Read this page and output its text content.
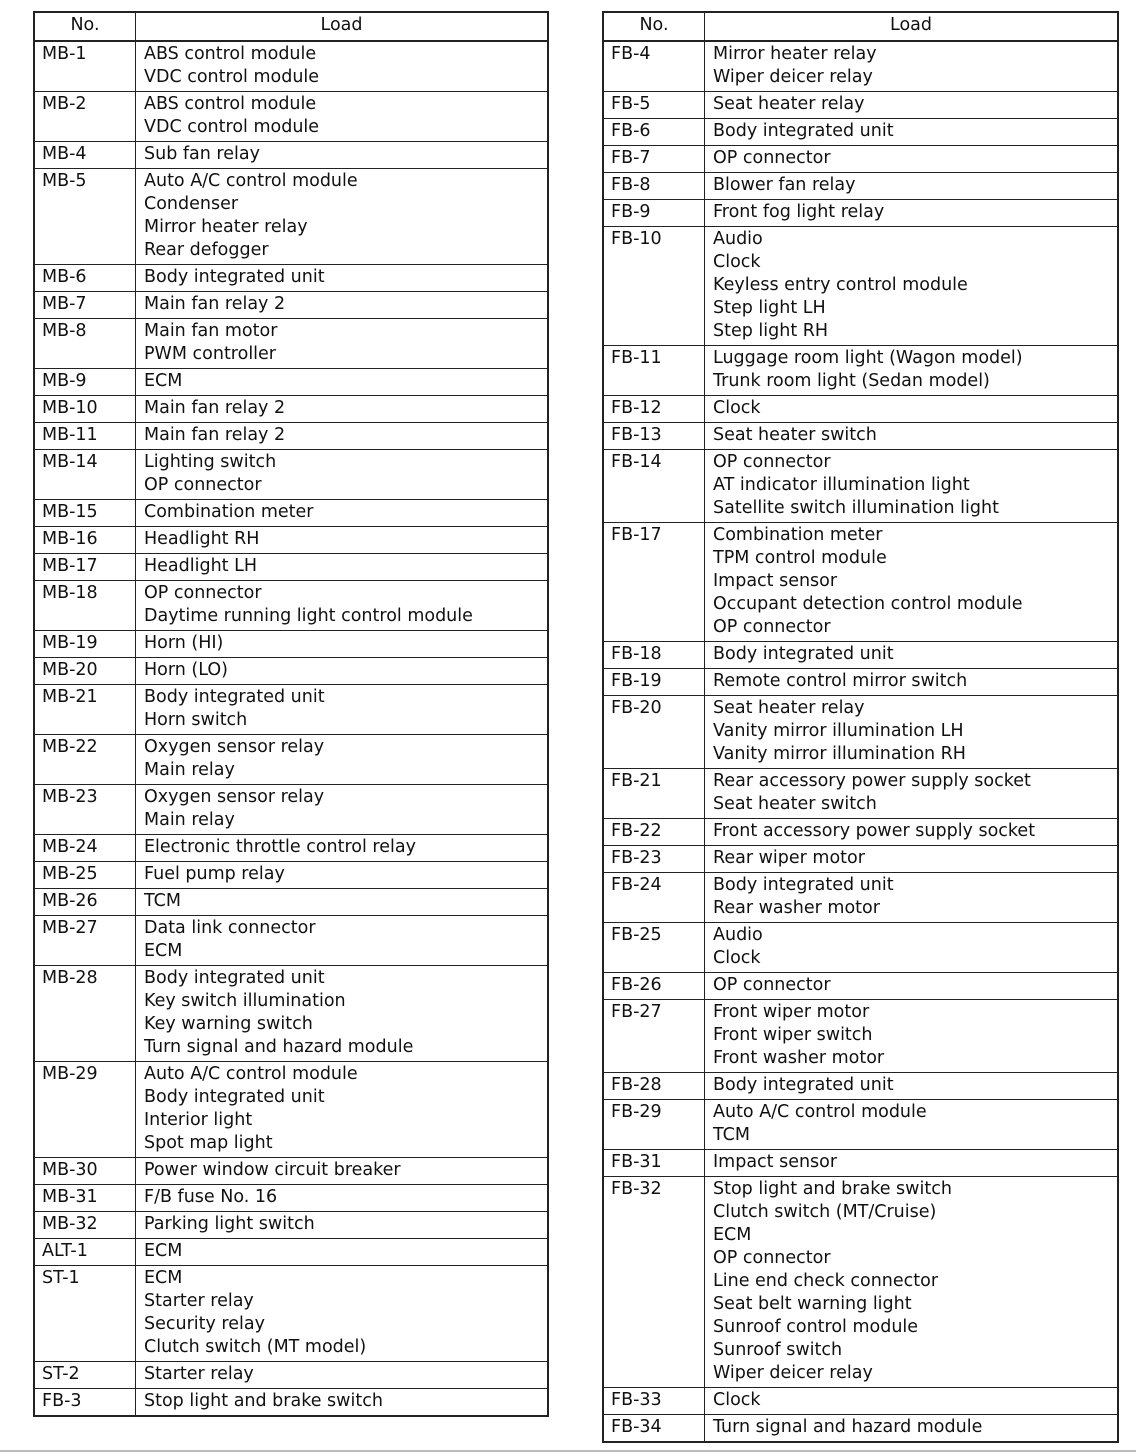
No.	Load
MB-1	ABS control module
VDC control module
MB-2	ABS control module
VDC control module
MB-4	Sub fan relay
MB-5	Auto A/C control module
Condenser
Mirror heater relay
Rear defogger
MB-6	Body integrated unit
MB-7	Main fan relay 2
MB-8	Main fan motor
PWM controller
MB-9	ECM
MB-10	Main fan relay 2
MB-11	Main fan relay 2
MB-14	Lighting switch
OP connector
MB-15	Combination meter
MB-16	Headlight RH
MB-17	Headlight LH
MB-18	OP connector
Daytime running light control module
MB-19	Horn (HI)
MB-20	Horn (LO)
MB-21	Body integrated unit
Horn switch
MB-22	Oxygen sensor relay
Main relay
MB-23	Oxygen sensor relay
Main relay
MB-24	Electronic throttle control relay
MB-25	Fuel pump relay
MB-26	TCM
MB-27	Data link connector
ECM
MB-28	Body integrated unit
Key switch illumination
Key warning switch
Turn signal and hazard module
MB-29	Auto A/C control module
Body integrated unit
Interior light
Spot map light
MB-30	Power window circuit breaker
MB-31	F/B fuse No. 16
MB-32	Parking light switch
ALT-1	ECM
ST-1	ECM
Starter relay
Security relay
Clutch switch (MT model)
ST-2	Starter relay
FB-3	Stop light and brake switch
No.	Load
FB-4	Mirror heater relay
Wiper deicer relay
FB-5	Seat heater relay
FB-6	Body integrated unit
FB-7	OP connector
FB-8	Blower fan relay
FB-9	Front fog light relay
FB-10	Audio
Clock
Keyless entry control module
Step light LH
Step light RH
FB-11	Luggage room light (Wagon model)
Trunk room light (Sedan model)
FB-12	Clock
FB-13	Seat heater switch
FB-14	OP connector
AT indicator illumination light
Satellite switch illumination light
FB-17	Combination meter
TPM control module
Impact sensor
Occupant detection control module
OP connector
FB-18	Body integrated unit
FB-19	Remote control mirror switch
FB-20	Seat heater relay
Vanity mirror illumination LH
Vanity mirror illumination RH
FB-21	Rear accessory power supply socket
Seat heater switch
FB-22	Front accessory power supply socket
FB-23	Rear wiper motor
FB-24	Body integrated unit
Rear washer motor
FB-25	Audio
Clock
FB-26	OP connector
FB-27	Front wiper motor
Front wiper switch
Front washer motor
FB-28	Body integrated unit
FB-29	Auto A/C control module
TCM
FB-31	Impact sensor
FB-32	Stop light and brake switch
Clutch switch (MT/Cruise)
ECM
OP connector
Line end check connector
Seat belt warning light
Sunroof control module
Sunroof switch
Wiper deicer relay
FB-33	Clock
FB-34	Turn signal and hazard module
